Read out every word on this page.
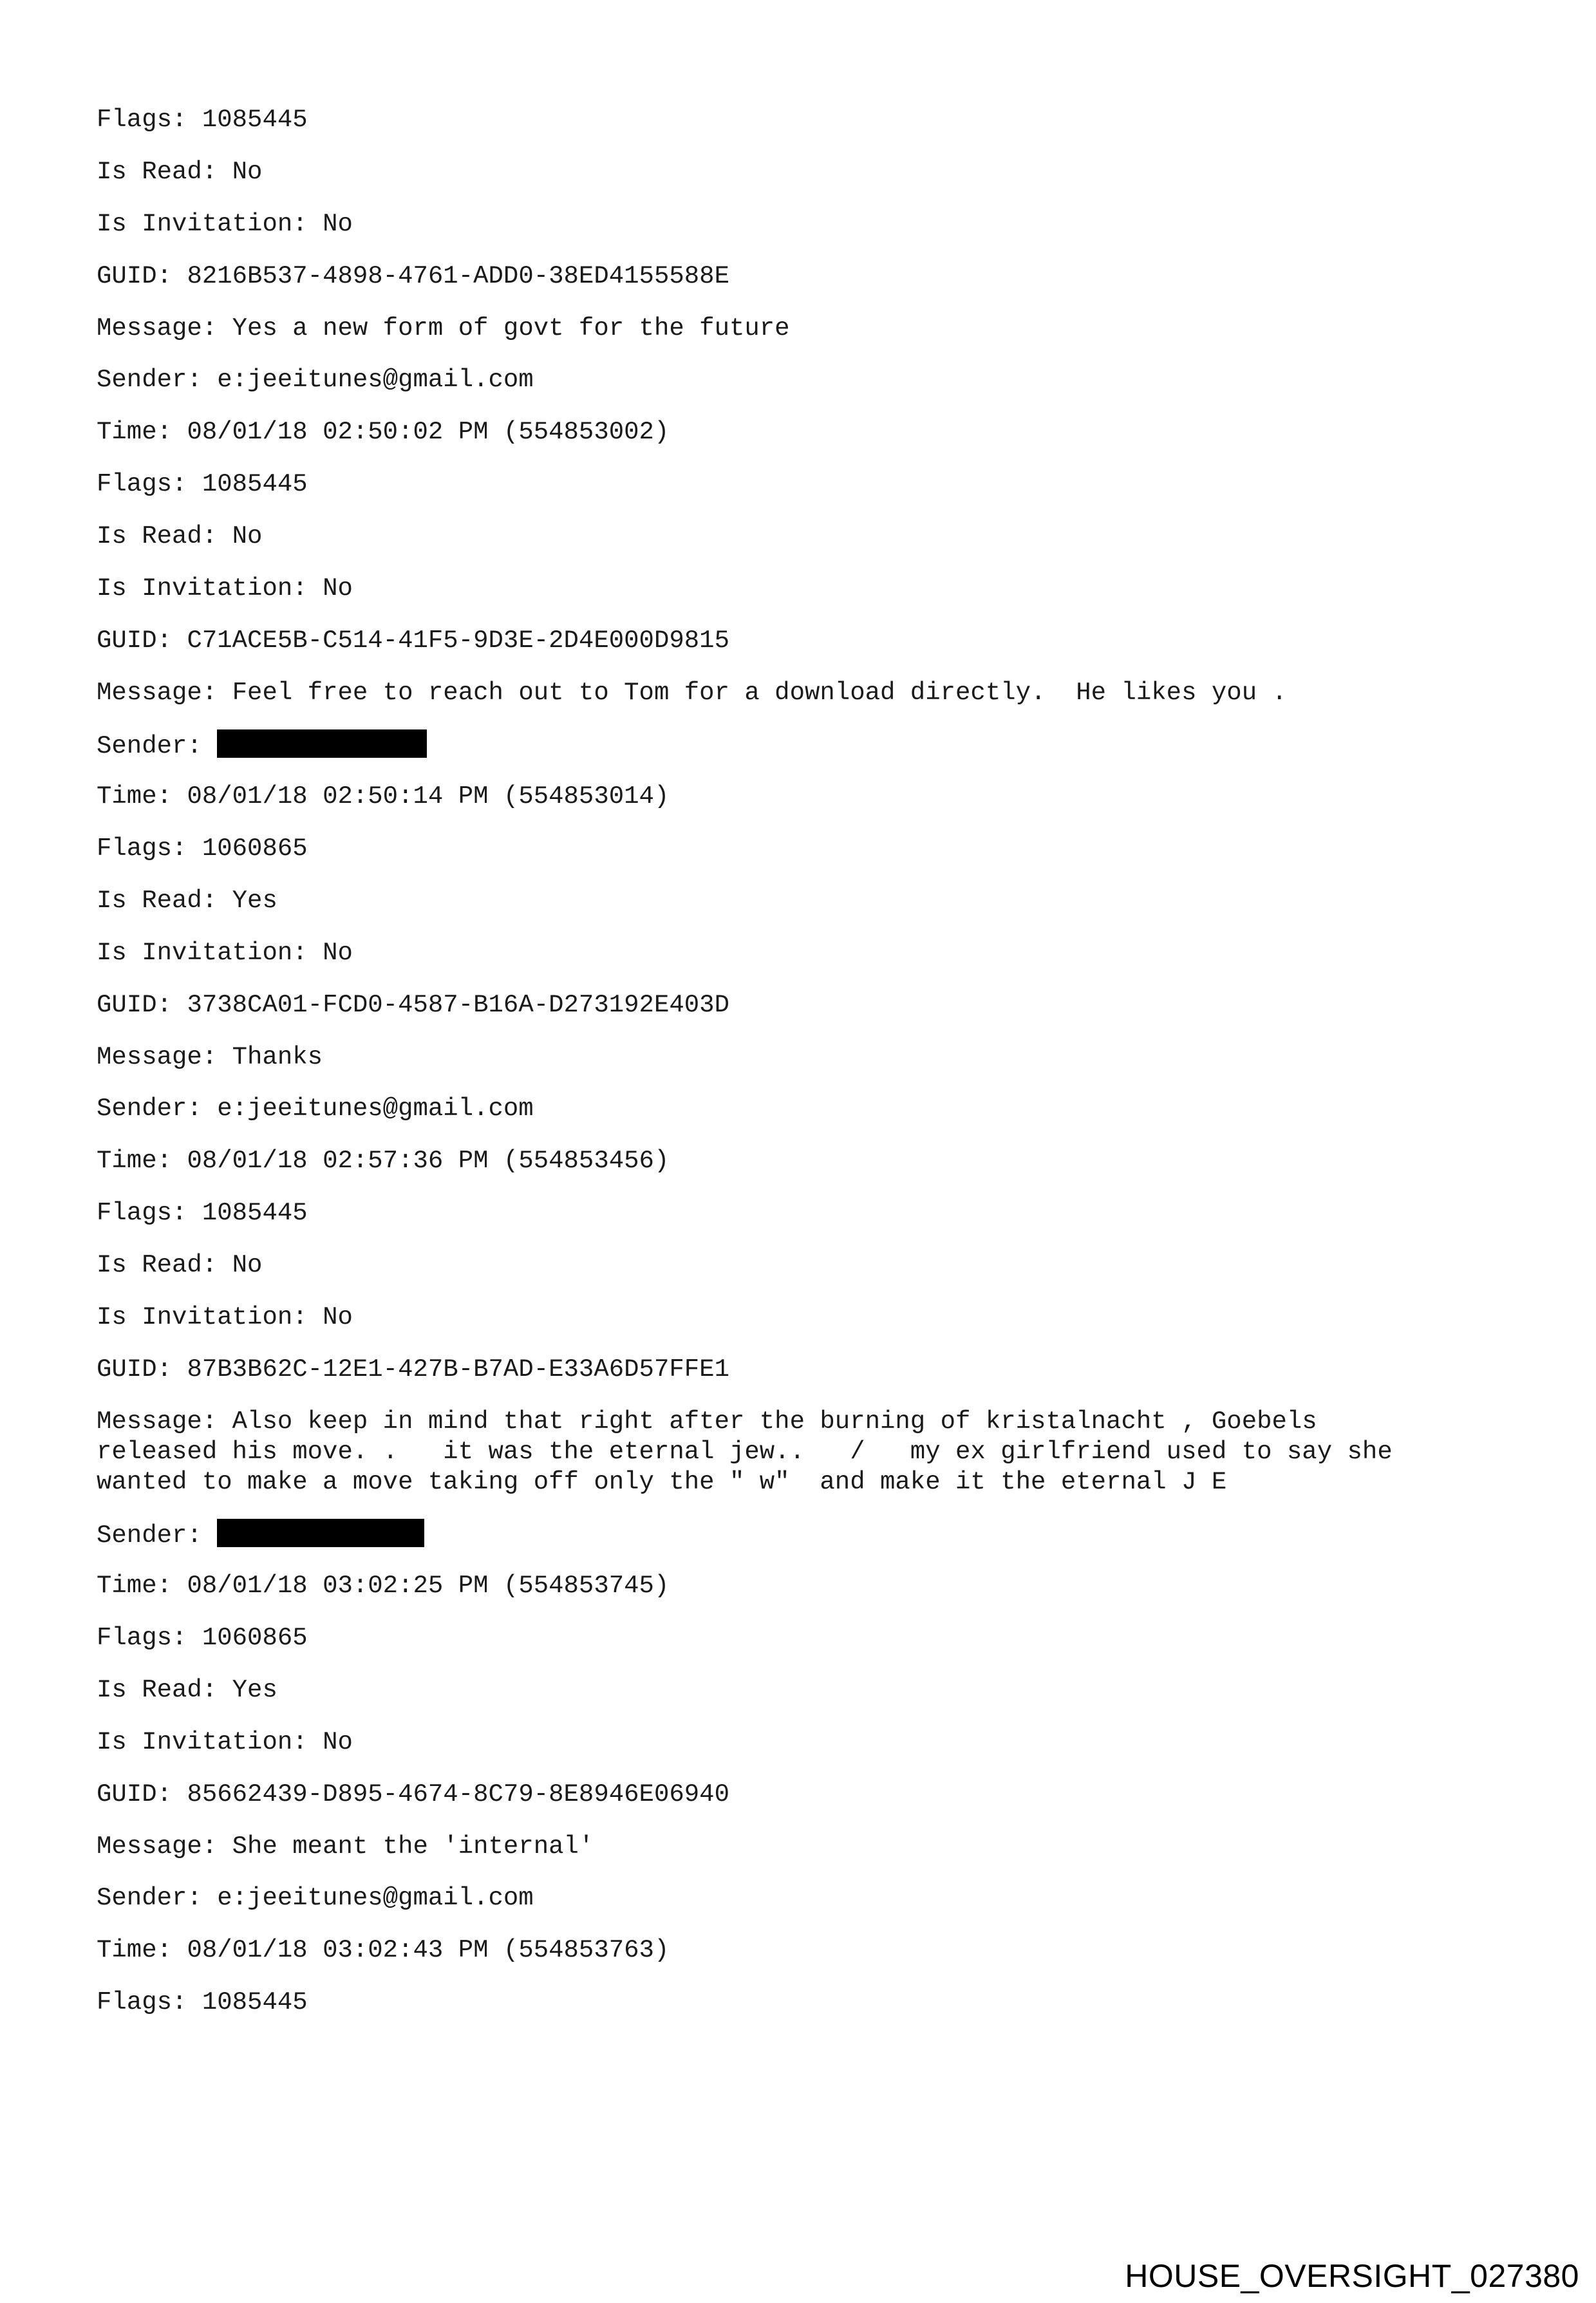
Flags: 1085445
Is Read: No
Is Invitation: No
GUID: 8216B537-4898-4761-ADD0-38ED4155588E
Message: Yes a new form of govt for the future
Sender: e:jeeitunes@gmail.com
Time: 08/01/18 02:50:02 PM (554853002)
Flags: 1085445
Is Read: No
Is Invitation: No
GUID: C71ACE5B-C514-41F5-9D3E-2D4E000D9815
Message: Feel free to reach out to Tom for a download directly.  He likes you .
Sender:
Time: 08/01/18 02:50:14 PM (554853014)
Flags: 1060865
Is Read: Yes
Is Invitation: No
GUID: 3738CA01-FCD0-4587-B16A-D273192E403D
Message: Thanks
Sender: e:jeeitunes@gmail.com
Time: 08/01/18 02:57:36 PM (554853456)
Flags: 1085445
Is Read: No
Is Invitation: No
GUID: 87B3B62C-12E1-427B-B7AD-E33A6D57FFE1
Message: Also keep in mind that right after the burning of kristalnacht , Goebels
released his move. .   it was the eternal jew..   /   my ex girlfriend used to say she
wanted to make a move taking off only the " w"  and make it the eternal J E
Sender:
Time: 08/01/18 03:02:25 PM (554853745)
Flags: 1060865
Is Read: Yes
Is Invitation: No
GUID: 85662439-D895-4674-8C79-8E8946E06940
Message: She meant the 'internal'
Sender: e:jeeitunes@gmail.com
Time: 08/01/18 03:02:43 PM (554853763)
Flags: 1085445
HOUSE_OVERSIGHT_027380
